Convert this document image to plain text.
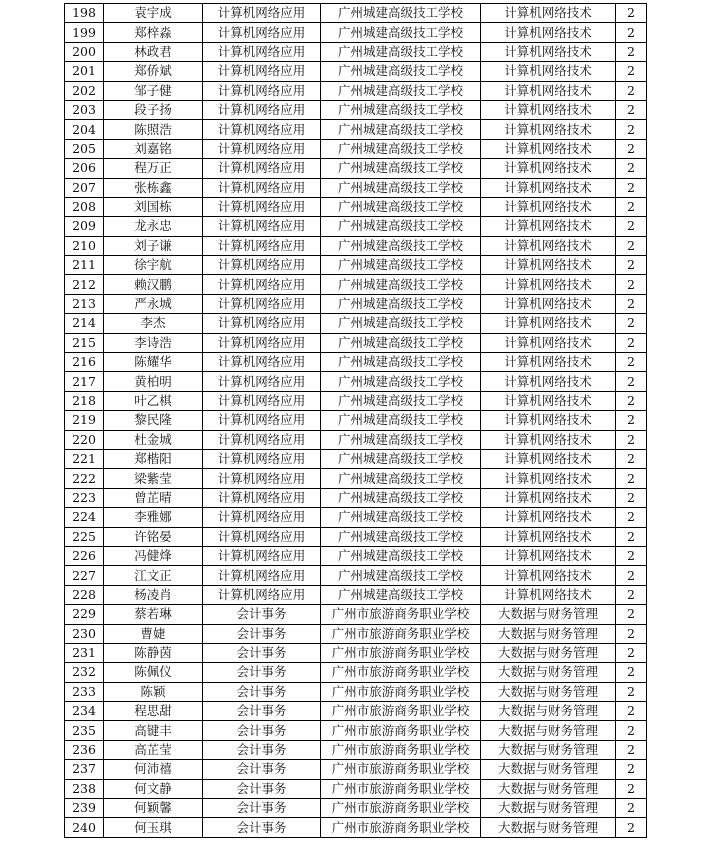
198	袁宇成	计算机网络应用	广州城建高级技工学校	计算机网络技术	2
199	郑梓淼	计算机网络应用	广州城建高级技工学校	计算机网络技术	2
200	林政君	计算机网络应用	广州城建高级技工学校	计算机网络技术	2
201	郑侨斌	计算机网络应用	广州城建高级技工学校	计算机网络技术	2
202	邹子健	计算机网络应用	广州城建高级技工学校	计算机网络技术	2
203	段子扬	计算机网络应用	广州城建高级技工学校	计算机网络技术	2
204	陈照浩	计算机网络应用	广州城建高级技工学校	计算机网络技术	2
205	刘嘉铭	计算机网络应用	广州城建高级技工学校	计算机网络技术	2
206	程万正	计算机网络应用	广州城建高级技工学校	计算机网络技术	2
207	张栋鑫	计算机网络应用	广州城建高级技工学校	计算机网络技术	2
208	刘国栋	计算机网络应用	广州城建高级技工学校	计算机网络技术	2
209	龙永忠	计算机网络应用	广州城建高级技工学校	计算机网络技术	2
210	刘子谦	计算机网络应用	广州城建高级技工学校	计算机网络技术	2
211	徐宇航	计算机网络应用	广州城建高级技工学校	计算机网络技术	2
212	赖汉鹏	计算机网络应用	广州城建高级技工学校	计算机网络技术	2
213	严永城	计算机网络应用	广州城建高级技工学校	计算机网络技术	2
214	李杰	计算机网络应用	广州城建高级技工学校	计算机网络技术	2
215	李诗浩	计算机网络应用	广州城建高级技工学校	计算机网络技术	2
216	陈耀华	计算机网络应用	广州城建高级技工学校	计算机网络技术	2
217	黄柏明	计算机网络应用	广州城建高级技工学校	计算机网络技术	2
218	叶乙棋	计算机网络应用	广州城建高级技工学校	计算机网络技术	2
219	黎民隆	计算机网络应用	广州城建高级技工学校	计算机网络技术	2
220	杜金城	计算机网络应用	广州城建高级技工学校	计算机网络技术	2
221	郑楷阳	计算机网络应用	广州城建高级技工学校	计算机网络技术	2
222	梁紫莹	计算机网络应用	广州城建高级技工学校	计算机网络技术	2
223	曾芷晴	计算机网络应用	广州城建高级技工学校	计算机网络技术	2
224	李雅娜	计算机网络应用	广州城建高级技工学校	计算机网络技术	2
225	许铭晏	计算机网络应用	广州城建高级技工学校	计算机网络技术	2
226	冯健烽	计算机网络应用	广州城建高级技工学校	计算机网络技术	2
227	江文正	计算机网络应用	广州城建高级技工学校	计算机网络技术	2
228	杨凌肖	计算机网络应用	广州城建高级技工学校	计算机网络技术	2
229	蔡若琳	会计事务	广州市旅游商务职业学校	大数据与财务管理	2
230	曹婕	会计事务	广州市旅游商务职业学校	大数据与财务管理	2
231	陈静茵	会计事务	广州市旅游商务职业学校	大数据与财务管理	2
232	陈佩仪	会计事务	广州市旅游商务职业学校	大数据与财务管理	2
233	陈颖	会计事务	广州市旅游商务职业学校	大数据与财务管理	2
234	程思甜	会计事务	广州市旅游商务职业学校	大数据与财务管理	2
235	高键丰	会计事务	广州市旅游商务职业学校	大数据与财务管理	2
236	高芷莹	会计事务	广州市旅游商务职业学校	大数据与财务管理	2
237	何沛禧	会计事务	广州市旅游商务职业学校	大数据与财务管理	2
238	何文静	会计事务	广州市旅游商务职业学校	大数据与财务管理	2
239	何颖馨	会计事务	广州市旅游商务职业学校	大数据与财务管理	2
240	何玉琪	会计事务	广州市旅游商务职业学校	大数据与财务管理	2
